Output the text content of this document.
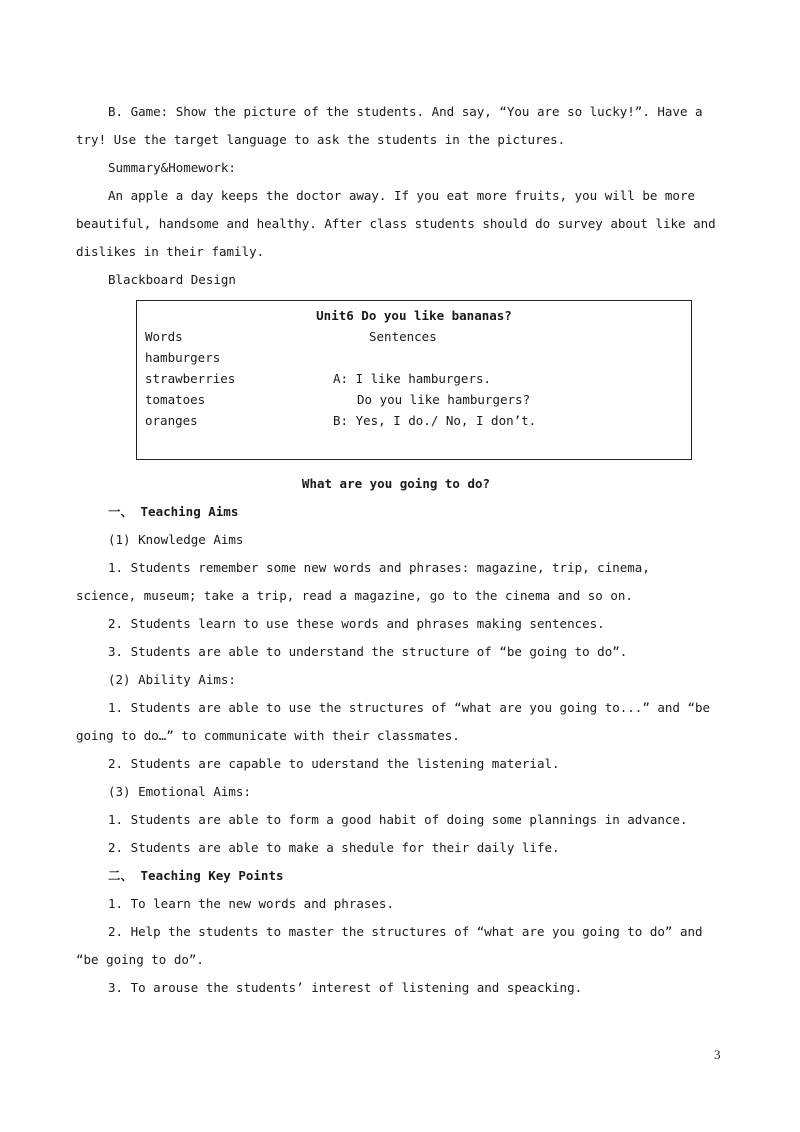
B. Game: Show the picture of the students. And say, “You are so lucky!”. Have a try! Use the target language to ask the students in the pictures.

Summary&Homework:

An apple a day keeps the doctor away. If you eat more fruits, you will be more beautiful, handsome and healthy. After class students should do survey about like and dislikes in their family.

Blackboard Design

Unit6 Do you like bananas?
Words
hamburgers
strawberries
tomatoes
oranges
Sentences
A: I like hamburgers.
Do you like hamburgers?
B: Yes, I do./ No, I don’t.

What are you going to do?

一、 Teaching Aims

(1) Knowledge Aims

1. Students remember some new words and phrases: magazine, trip, cinema, science, museum; take a trip, read a magazine, go to the cinema and so on.

2. Students learn to use these words and phrases making sentences.

3. Students are able to understand the structure of “be going to do”.

(2) Ability Aims:

1. Students are able to use the structures of “what are you going to...” and “be going to do…” to communicate with their classmates.

2. Students are capable to uderstand the listening material.

(3) Emotional Aims:

1. Students are able to form a good habit of doing some plannings in advance.

2. Students are able to make a shedule for their daily life.

二、 Teaching Key Points

1. To learn the new words and phrases.

2. Help the students to master the structures of “what are you going to do” and “be going to do”.

3. To arouse the students’ interest of listening and speacking.

3
